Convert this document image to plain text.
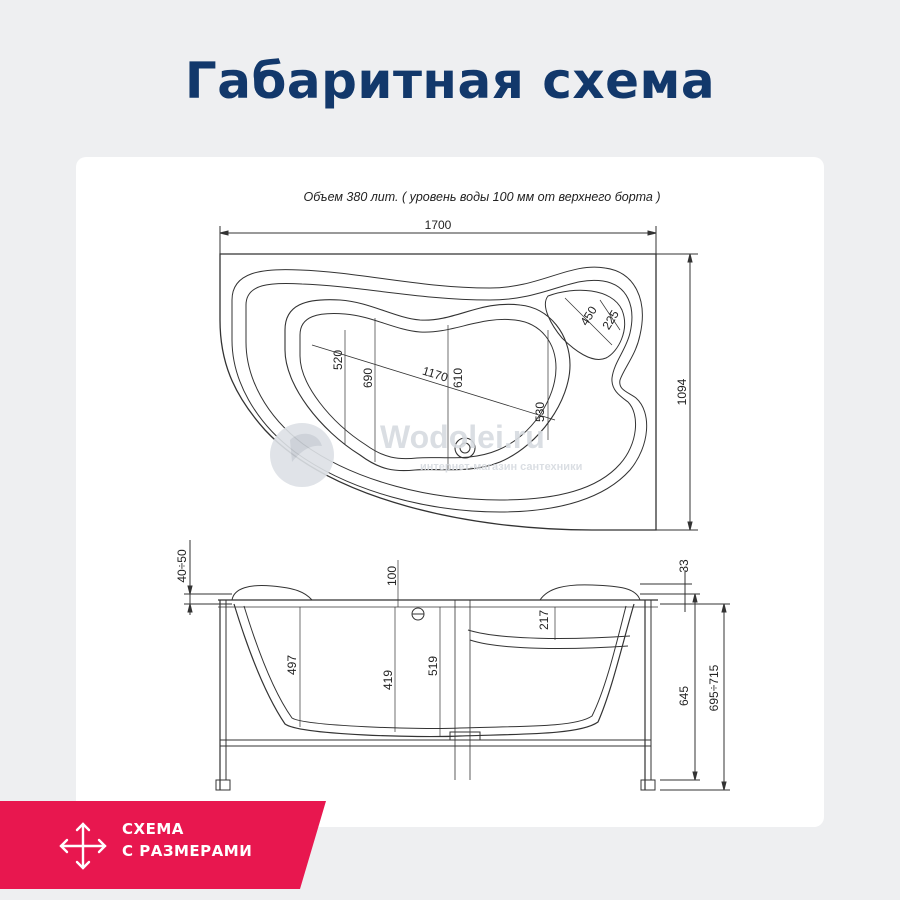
Габаритная схема
Объем 380 лит. ( уровень воды 100 мм от верхнего борта )
1700
1094
450 225
520
690	1170 610
530
Wodolei.ru
интернет-магазин сантехники
40÷50	100	33
217
497
419
519
645 695÷715
СХЕМА
С РАЗМЕРАМИ
